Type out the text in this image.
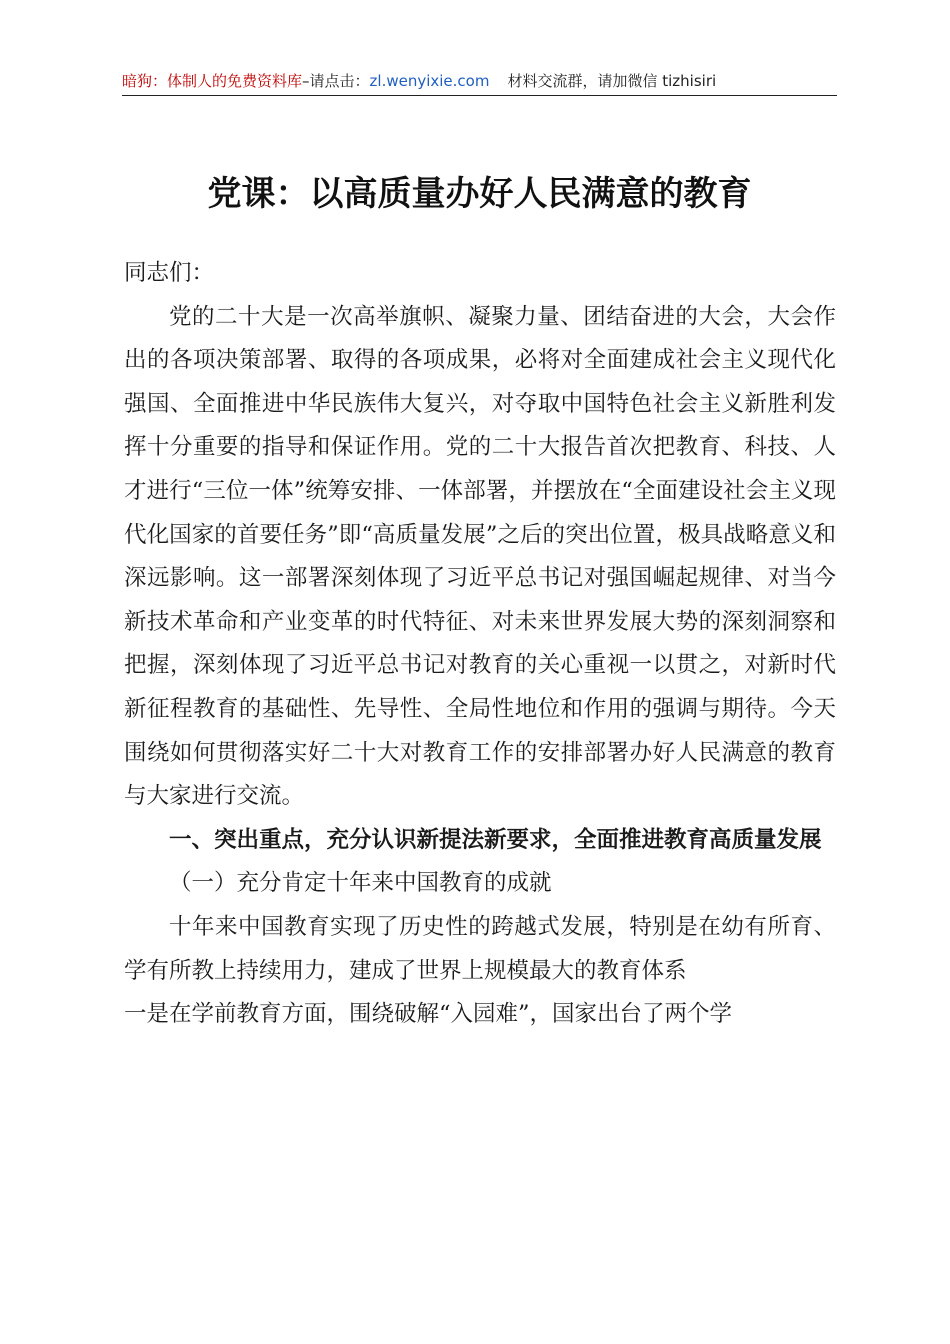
暗狗：体制人的免费资料库–请点击：zl.wenyixie.com 材料交流群，请加微信 tizhisiri
党课：以高质量办好人民满意的教育

同志们：

党的二十大是一次高举旗帜、凝聚力量、团结奋进的大会，大会作出的各项决策部署、取得的各项成果，必将对全面建成社会主义现代化强国、全面推进中华民族伟大复兴，对夺取中国特色社会主义新胜利发挥十分重要的指导和保证作用。党的二十大报告首次把教育、科技、人才进行“三位一体”统筹安排、一体部署，并摆放在“全面建设社会主义现代化国家的首要任务”即“高质量发展”之后的突出位置，极具战略意义和深远影响。这一部署深刻体现了习近平总书记对强国崛起规律、对当今新技术革命和产业变革的时代特征、对未来世界发展大势的深刻洞察和把握，深刻体现了习近平总书记对教育的关心重视一以贯之，对新时代新征程教育的基础性、先导性、全局性地位和作用的强调与期待。今天围绕如何贯彻落实好二十大对教育工作的安排部署办好人民满意的教育与大家进行交流。

一、突出重点，充分认识新提法新要求，全面推进教育高质量发展

（一）充分肯定十年来中国教育的成就

十年来中国教育实现了历史性的跨越式发展，特别是在幼有所育、学有所教上持续用力，建成了世界上规模最大的教育体系

一是在学前教育方面，围绕破解“入园难”，国家出台了两个学
